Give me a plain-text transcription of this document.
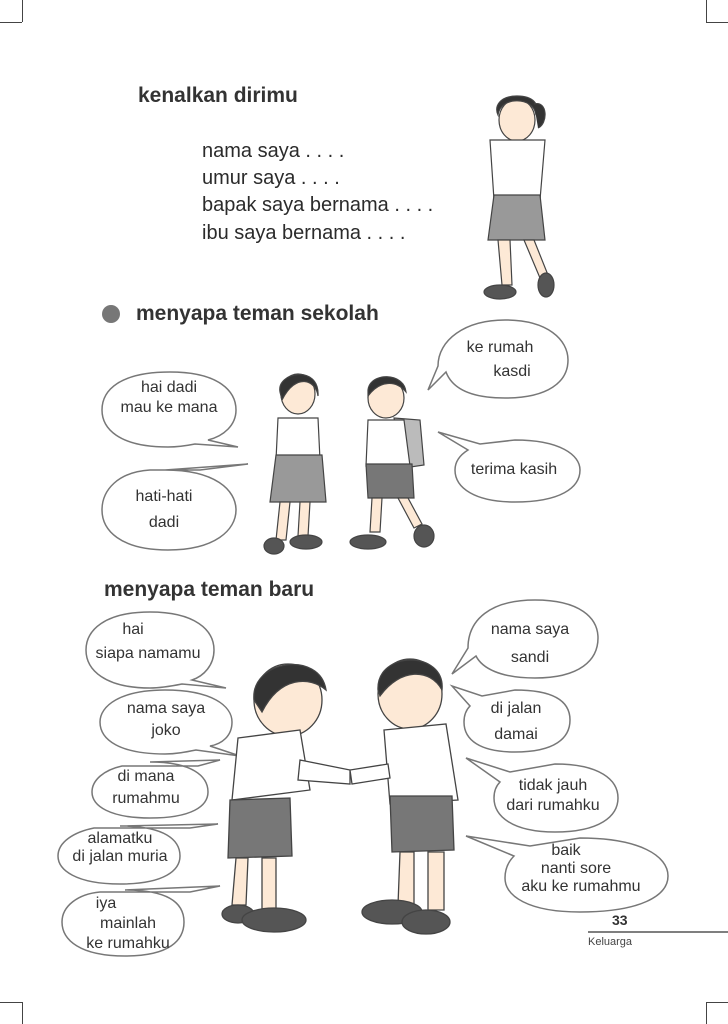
kenalkan dirimu
nama saya . . . .
umur saya . . . .
bapak saya bernama . . . .
ibu saya bernama . . . .
menyapa teman sekolah
hai dadi
mau ke mana
hati-hati
dadi
ke rumah
kasdi
terima kasih
menyapa teman baru
hai
siapa namamu
nama saya
joko
di mana
rumahmu
alamatku
di jalan muria
iya
mainlah
ke rumahku
nama saya
sandi
di jalan
damai
tidak jauh
dari rumahku
baik
nanti sore
aku ke rumahmu
33
Keluarga
